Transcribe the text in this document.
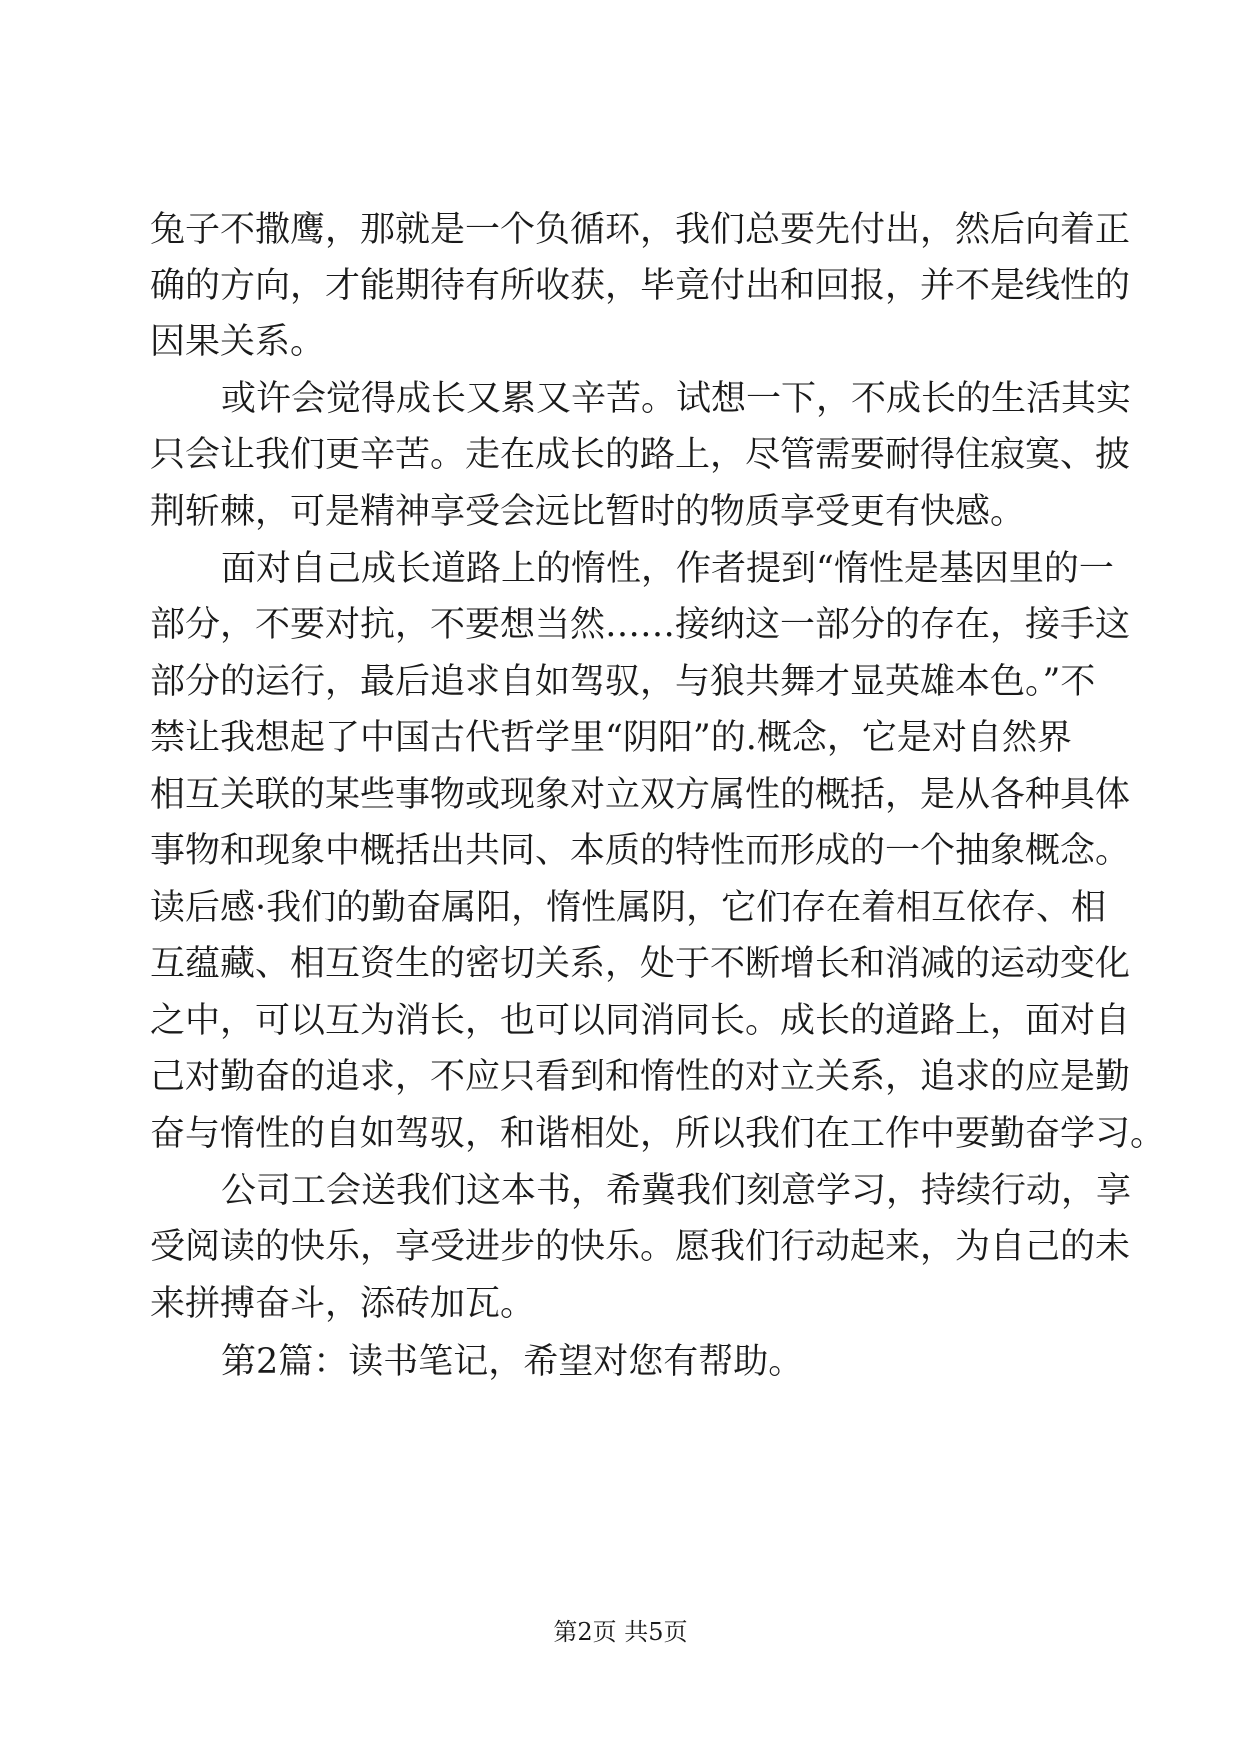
兔子不撒鹰，那就是一个负循环，我们总要先付出，然后向着正
确的方向，才能期待有所收获，毕竟付出和回报，并不是线性的
因果关系。
或许会觉得成长又累又辛苦。试想一下，不成长的生活其实
只会让我们更辛苦。走在成长的路上，尽管需要耐得住寂寞、披
荆斩棘，可是精神享受会远比暂时的物质享受更有快感。
面对自己成长道路上的惰性，作者提到“惰性是基因里的一
部分，不要对抗，不要想当然……接纳这一部分的存在，接手这
部分的运行，最后追求自如驾驭，与狼共舞才显英雄本色。”不
禁让我想起了中国古代哲学里“阴阳”的.概念，它是对自然界
相互关联的某些事物或现象对立双方属性的概括，是从各种具体
事物和现象中概括出共同、本质的特性而形成的一个抽象概念。
读后感·我们的勤奋属阳，惰性属阴，它们存在着相互依存、相
互蕴藏、相互资生的密切关系，处于不断增长和消减的运动变化
之中，可以互为消长，也可以同消同长。成长的道路上，面对自
己对勤奋的追求，不应只看到和惰性的对立关系，追求的应是勤
奋与惰性的自如驾驭，和谐相处，所以我们在工作中要勤奋学习。
公司工会送我们这本书，希冀我们刻意学习，持续行动，享
受阅读的快乐，享受进步的快乐。愿我们行动起来，为自己的未
来拼搏奋斗，添砖加瓦。
第2篇：读书笔记，希望对您有帮助。
第2页 共5页
